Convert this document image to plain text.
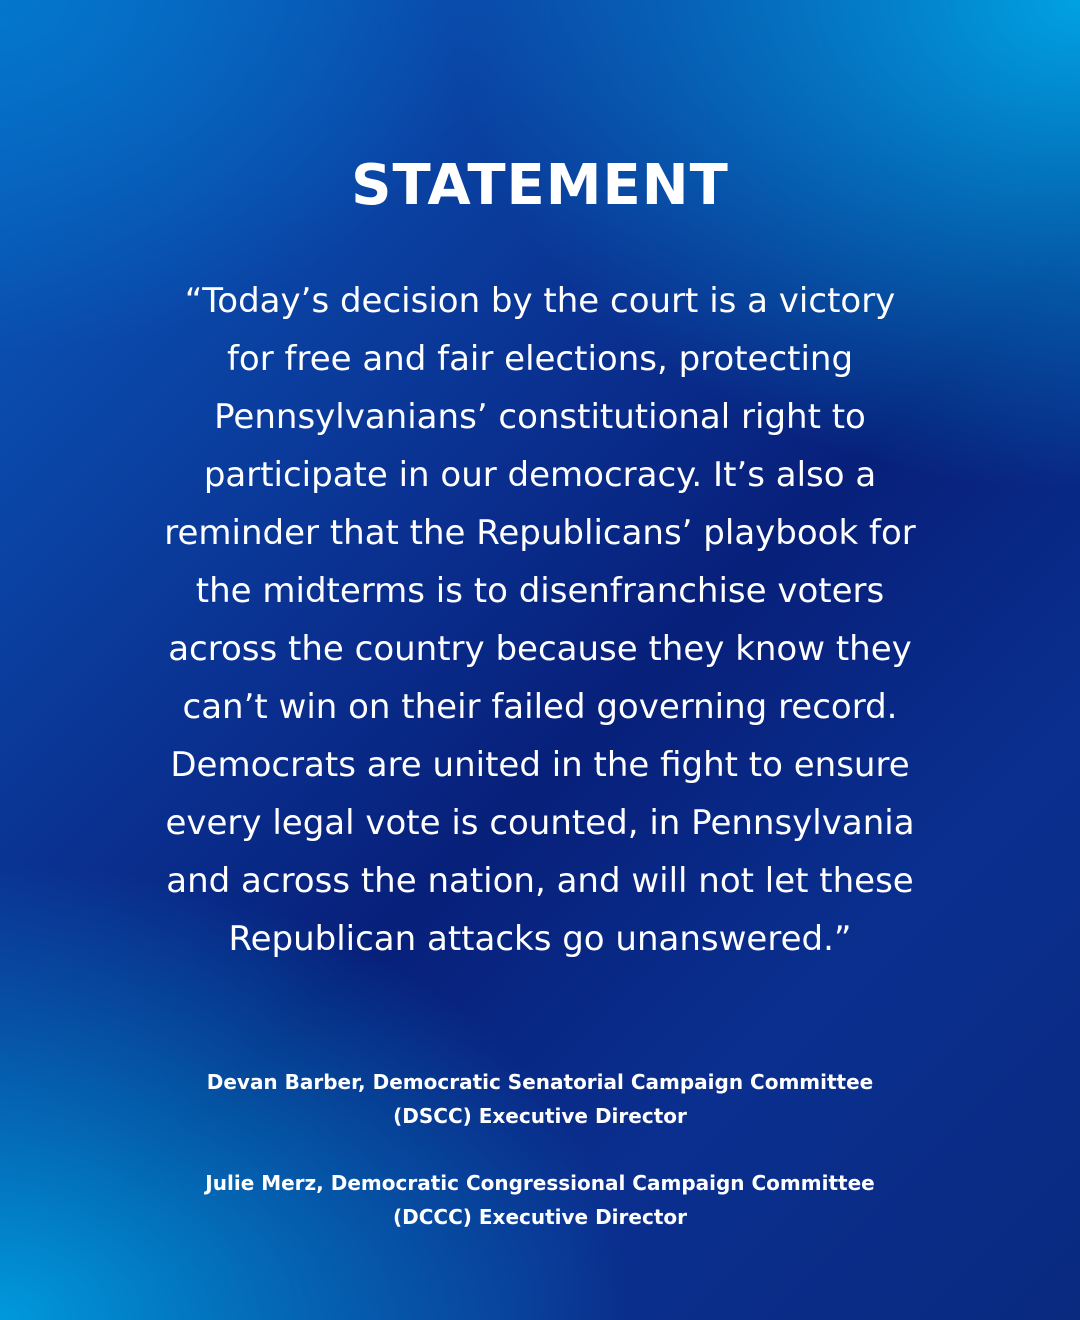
STATEMENT

“Today’s decision by the court is a victory
for free and fair elections, protecting
Pennsylvanians’ constitutional right to
participate in our democracy. It’s also a
reminder that the Republicans’ playbook for
the midterms is to disenfranchise voters
across the country because they know they
can’t win on their failed governing record.
Democrats are united in the fight to ensure
every legal vote is counted, in Pennsylvania
and across the nation, and will not let these
Republican attacks go unanswered.”

Devan Barber, Democratic Senatorial Campaign Committee
(DSCC) Executive Director
Julie Merz, Democratic Congressional Campaign Committee
(DCCC) Executive Director
